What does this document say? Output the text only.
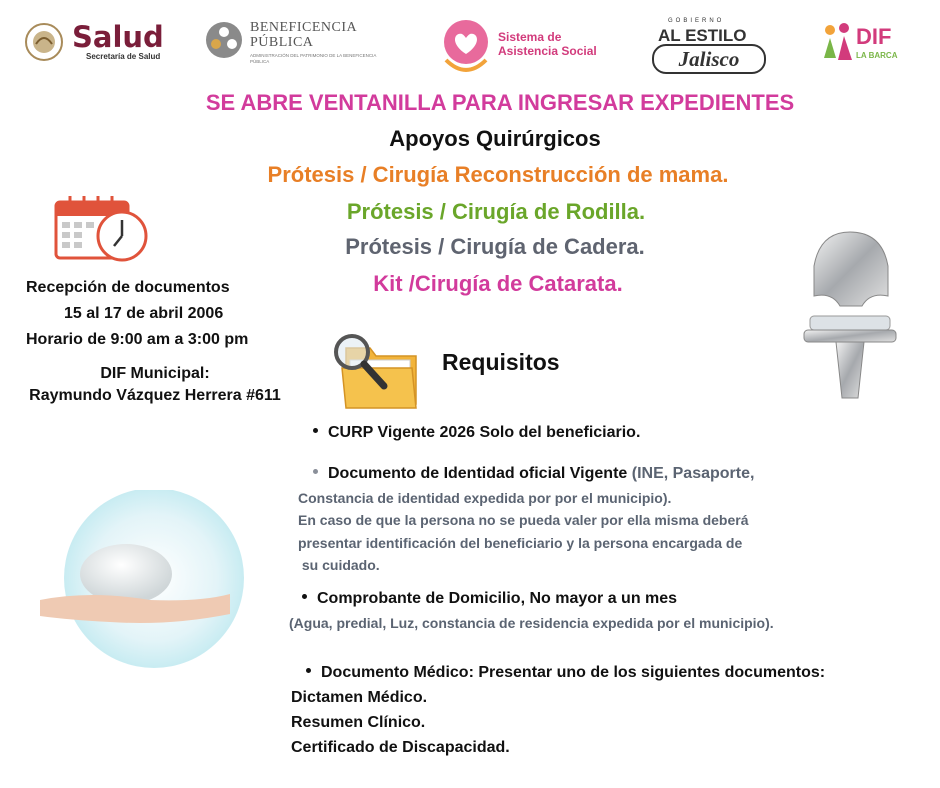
Salud
Secretaría de Salud
BENEFICENCIA
PÚBLICA
ADMINISTRACIÓN DEL PATRIMONIO DE LA BENEFICENCIA PÚBLICA
Sistema de
Asistencia Social
GOBIERNO
AL ESTILO
Jalisco
DIF
LA BARCA
SE ABRE VENTANILLA PARA INGRESAR EXPEDIENTES
Apoyos Quirúrgicos
Prótesis / Cirugía Reconstrucción de mama.
Prótesis / Cirugía de Rodilla.
Prótesis / Cirugía de Cadera.
Kit /Cirugía de Catarata.
Recepción de documentos
15 al 17 de abril 2006
Horario de 9:00 am a 3:00 pm
DIF Municipal:
Raymundo Vázquez Herrera #611
Requisitos
CURP Vigente 2026 Solo del beneficiario.
Documento de Identidad oficial Vigente (INE, Pasaporte,
Constancia de identidad expedida por por el municipio).
En caso de que la persona no se pueda valer por ella misma deberá
presentar identificación del beneficiario y la persona encargada de
su cuidado.
Comprobante de Domicilio, No mayor a un mes
(Agua, predial, Luz, constancia de residencia expedida por el municipio).
Documento Médico: Presentar uno de los siguientes documentos:
Dictamen Médico.
Resumen Clínico.
Certificado de Discapacidad.
